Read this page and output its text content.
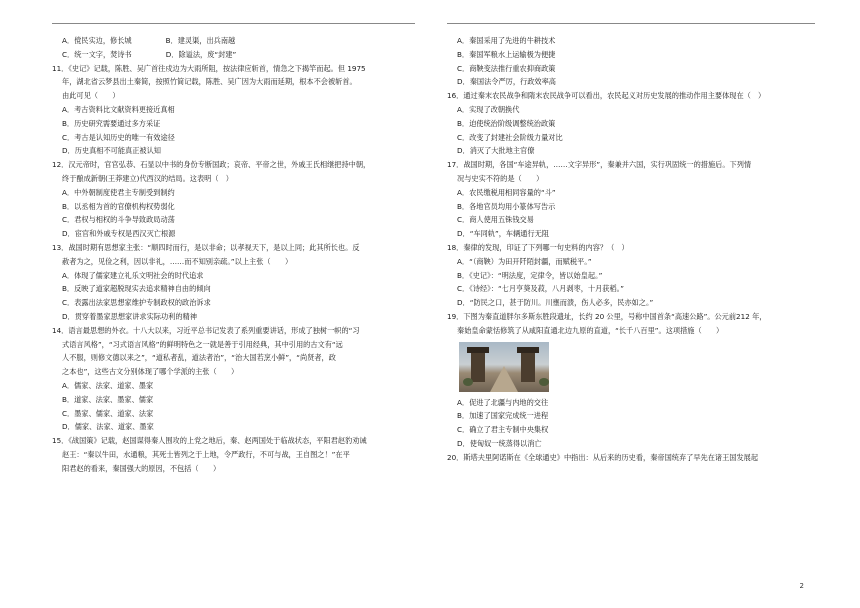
A．傥民实边，修长城	B．建灵渠，出兵南越

C．统一文字，焚诗书	D．除谥法，废“封建”

11．《史记》记载，陈胜、吴广首往戍边为大雨所阻，按法律应斩首，情急之下揭竿而起。但 1975

年，湖北省云梦县出土秦简，按照竹简记载，陈胜、吴广因为大雨而延期，根本不会被斩首。

由此可见（　　）

A．考古资料比文献资料更接近真相

B．历史研究需要通过多方采证

C．考古是认知历史的唯一有效途径

D．历史真相不可能真正被认知

12．汉元帝时，官官弘恭、石显以中书的身份专断国政；哀帝、平帝之世，外戚王氏相继把持中朝，

终于酿成新朝(王莽建立)代西汉的结局。这表明（　）

A．中外朝制度使君主专制受到制约

B．以丞相为首的官僚机构权势弱化

C．君权与相权的斗争导致政局动荡

D．宦官和外戚专权是西汉灭亡根源

13．战国时期有思想家主张：“顺四时而行，是以非命；以孝视天下，是以上同；此其所长也。反

赦者为之，见俭之利，因以非礼，……而不知别亲疏。”以上主张（　　）

A．体现了儒家建立礼乐文明社会的时代追求

B．反映了道家超脱现实去追求精神自由的倾向

C．表露出法家思想家维护专制政权的政治诉求

D．贯穿着墨家思想家讲求实际功利的精神

14．语言最思想的外衣。十八大以来，习近平总书记发表了系列重要讲话，形成了独树一帜的“习

式语言风格”，“习式语言风格”的鲜明特色之一就是善于引用经典，其中引用的古文有“远

人不服，则修文德以来之”，“道私者乱，道法者治”，“治大国若烹小鲜”，“尚贤者，政

之本也”，这些古文分别体现了哪个学派的主张（　　）

A．儒家、法家、道家、墨家

B．道家、法家、墨家、儒家

C．墨家、儒家、道家、法家

D．儒家、法家、道家、墨家

15．《战国策》记载，赵国谋得秦人围攻的上党之地后，秦、赵两国处于临战状态，平阳君赵豹劝诫

赵王：“秦以牛田，水通粮，其死士皆列之于上地，令严政行，不可与战，王自图之！”在平

阳君赵的看来，秦国强大的原因，不包括（　　）

A．秦国采用了先进的牛耕技术

B．秦国军粮水上运输极为便捷

C．商鞅变法推行重农抑商政策

D．秦国法令严厉，行政效率高

16．通过秦末农民战争和隋末农民战争可以看出，农民起义对历史发展的推动作用主要体现在（　）

A．实现了改朝换代

B．迫使统治阶级调整统治政策

C．改变了封建社会阶级力量对比

D．消灭了大批地主官僚

17．战国时期，各国“车途异轨，……文字异形”，秦兼并六国，实行巩固统一的措施后。下列情

况与史实不符的是（　　）

A．农民缴税用相同容量的“斗”

B．各地官员均用小篆体写告示

C．商人使用五铢钱交易

D．“车同轨”，车辆通行无阻

18．秦律的发现，印证了下列哪一句史料的内容？（　）

A．“（商鞅）为田开阡陌封疆，而赋税平。”

B．《史记》：“明法度，定律令，皆以始皇起。”

C．《诗经》：“七月亨葵及菽，八月剥枣，十月获稻。”

D．“防民之口，甚于防川。川壅而溃，伤人必多，民亦如之。”

19．下图为秦直道胖尔多斯东胜段遗址，长约 20 公里，号称中国首条“高速公路”。公元前212 年，

秦始皇命蒙恬修筑了从咸阳直通北边九原的直道，“长千八百里”。这项措施（　　）

A．促进了北疆与内地的交往

B．加速了国家完成统一进程

C．确立了君主专制中央集权

D．使匈奴一统蒸得以消亡

20．斯塔夫里阿诺斯在《全球通史》中指出：从后来的历史看，秦帝国统弃了早先在诸王国发展起

2
